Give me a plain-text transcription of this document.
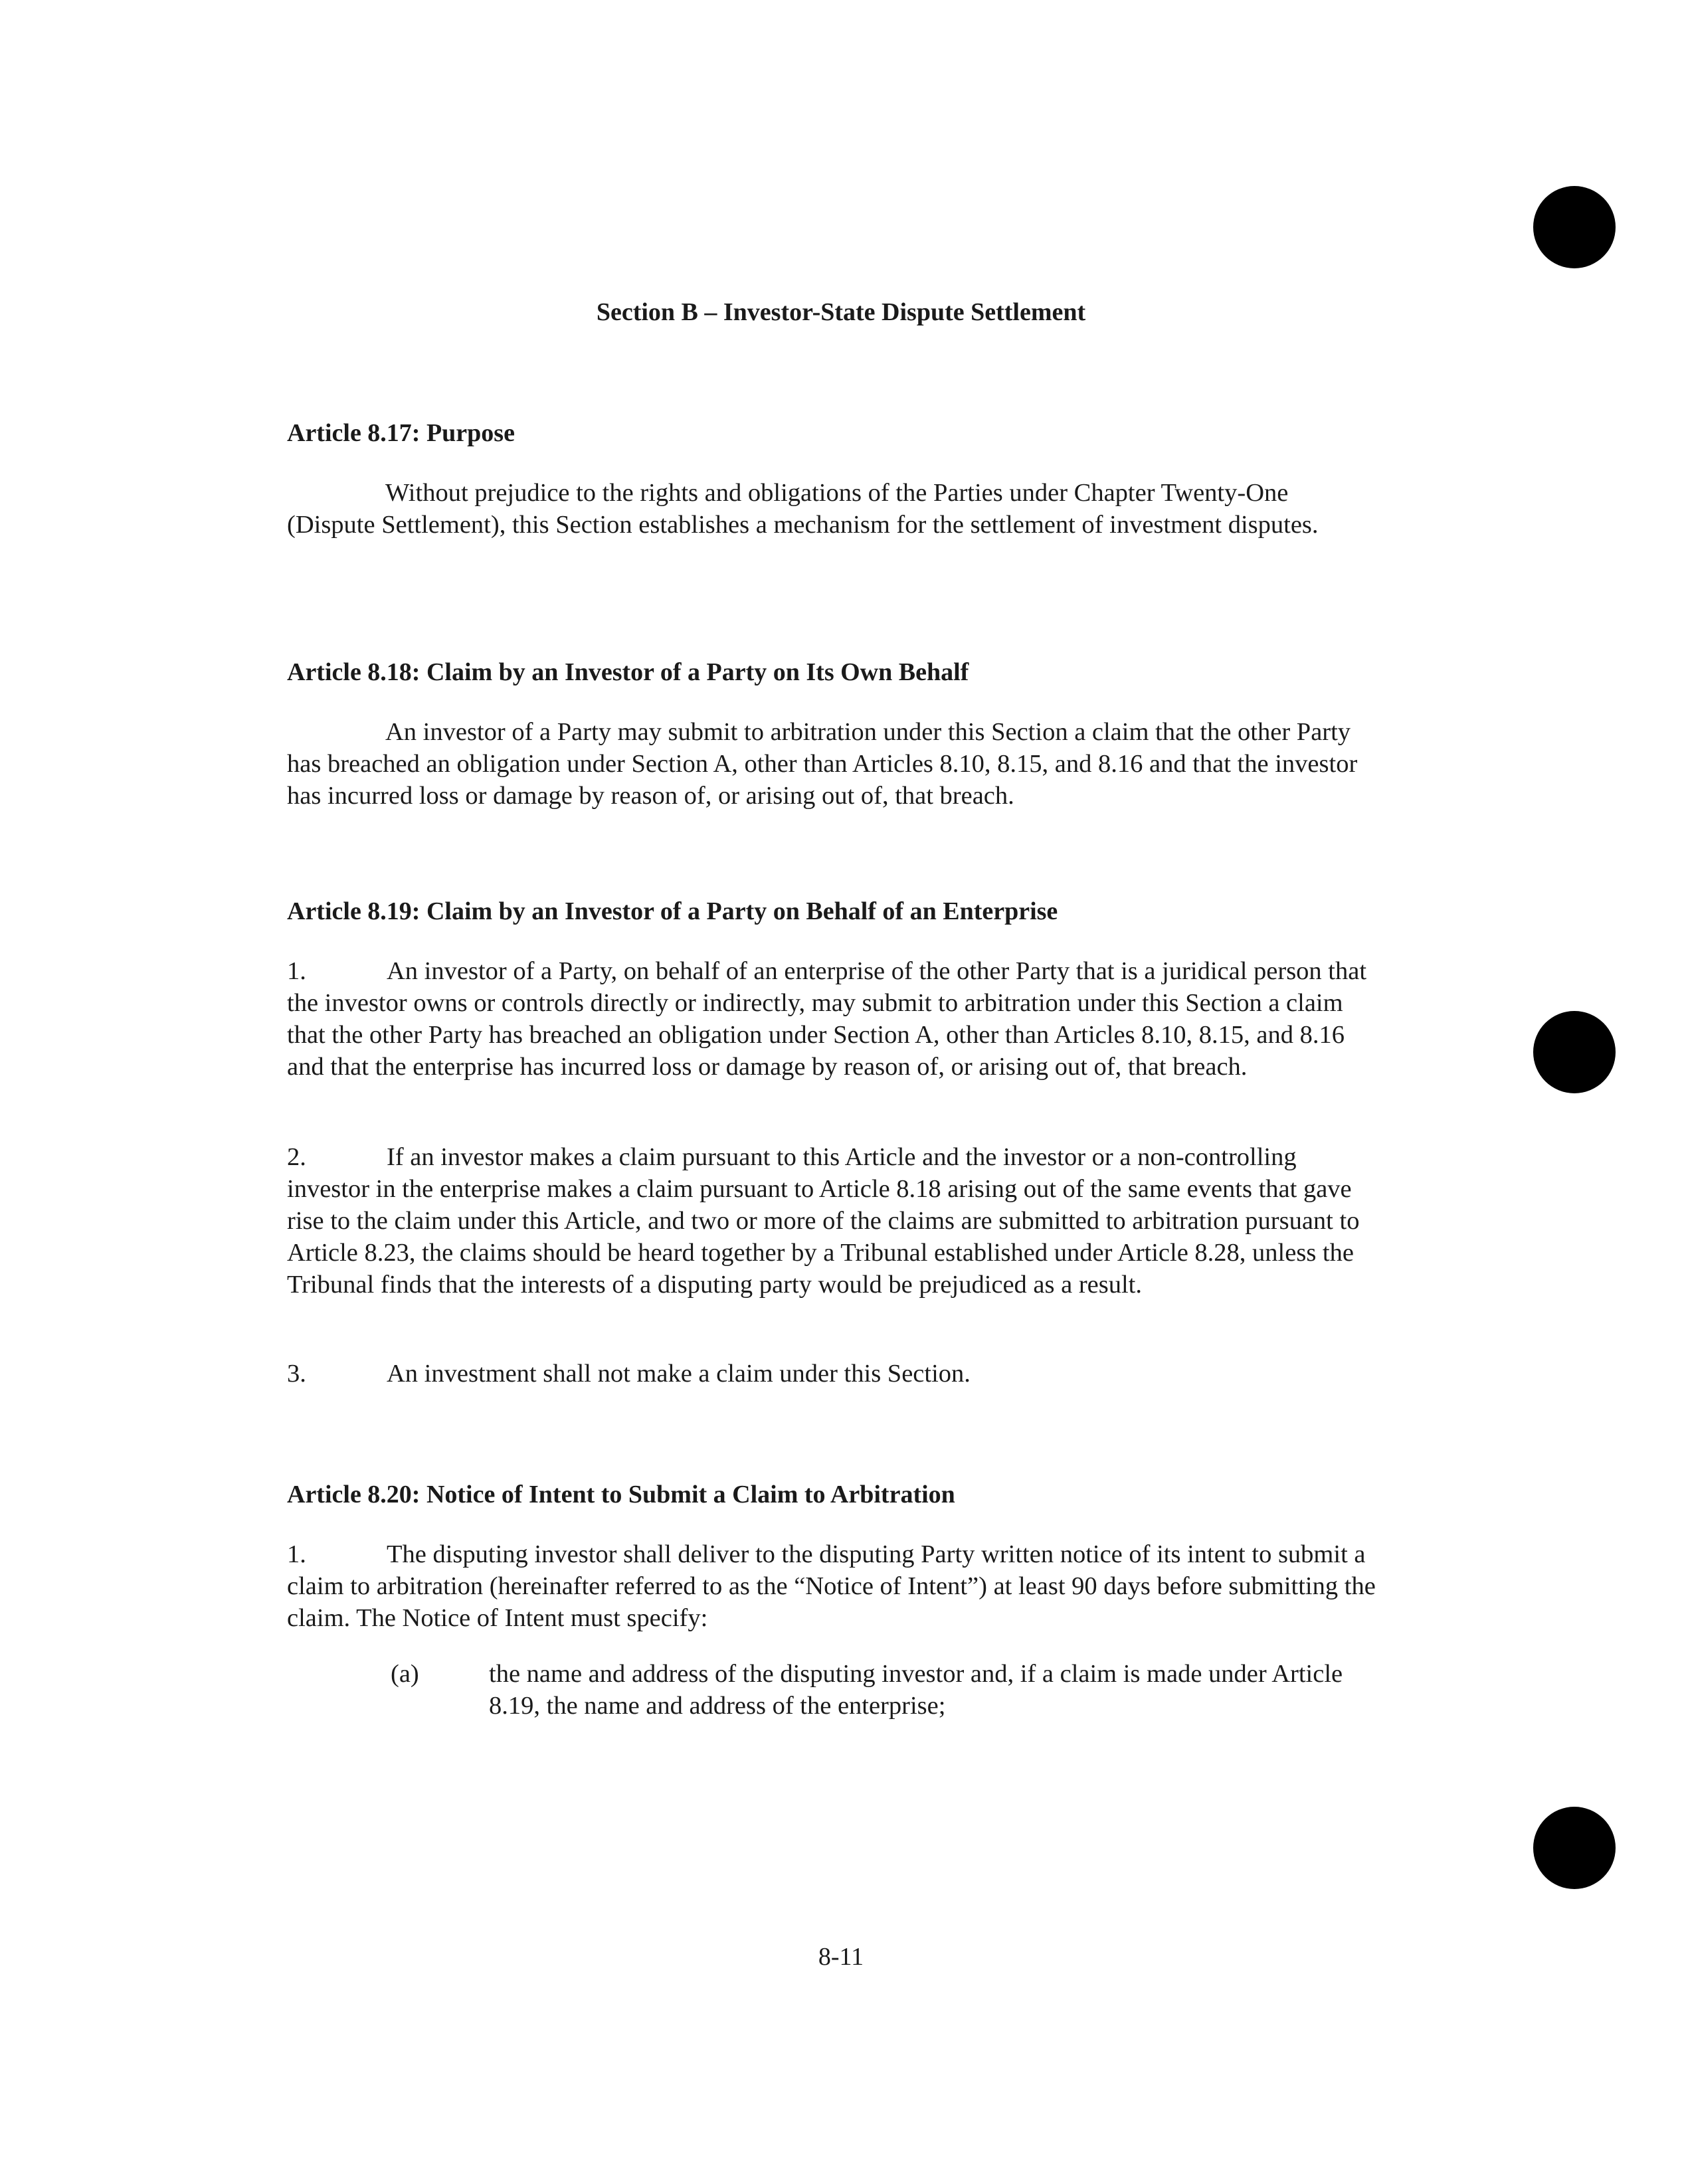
Section B – Investor-State Dispute Settlement
Article 8.17: Purpose

Without prejudice to the rights and obligations of the Parties under Chapter Twenty-One (Dispute Settlement), this Section establishes a mechanism for the settlement of investment disputes.

Article 8.18: Claim by an Investor of a Party on Its Own Behalf

An investor of a Party may submit to arbitration under this Section a claim that the other Party has breached an obligation under Section A, other than Articles 8.10, 8.15, and 8.16 and that the investor has incurred loss or damage by reason of, or arising out of, that breach.

Article 8.19: Claim by an Investor of a Party on Behalf of an Enterprise

1.	An investor of a Party, on behalf of an enterprise of the other Party that is a juridical person that the investor owns or controls directly or indirectly, may submit to arbitration under this Section a claim that the other Party has breached an obligation under Section A, other than Articles 8.10, 8.15, and 8.16 and that the enterprise has incurred loss or damage by reason of, or arising out of, that breach.

2.	If an investor makes a claim pursuant to this Article and the investor or a non-controlling investor in the enterprise makes a claim pursuant to Article 8.18 arising out of the same events that gave rise to the claim under this Article, and two or more of the claims are submitted to arbitration pursuant to Article 8.23, the claims should be heard together by a Tribunal established under Article 8.28, unless the Tribunal finds that the interests of a disputing party would be prejudiced as a result.

3.	An investment shall not make a claim under this Section.

Article 8.20: Notice of Intent to Submit a Claim to Arbitration

1.	The disputing investor shall deliver to the disputing Party written notice of its intent to submit a claim to arbitration (hereinafter referred to as the “Notice of Intent”) at least 90 days before submitting the claim. The Notice of Intent must specify:

(a)	the name and address of the disputing investor and, if a claim is made under Article 8.19, the name and address of the enterprise;

8-11
